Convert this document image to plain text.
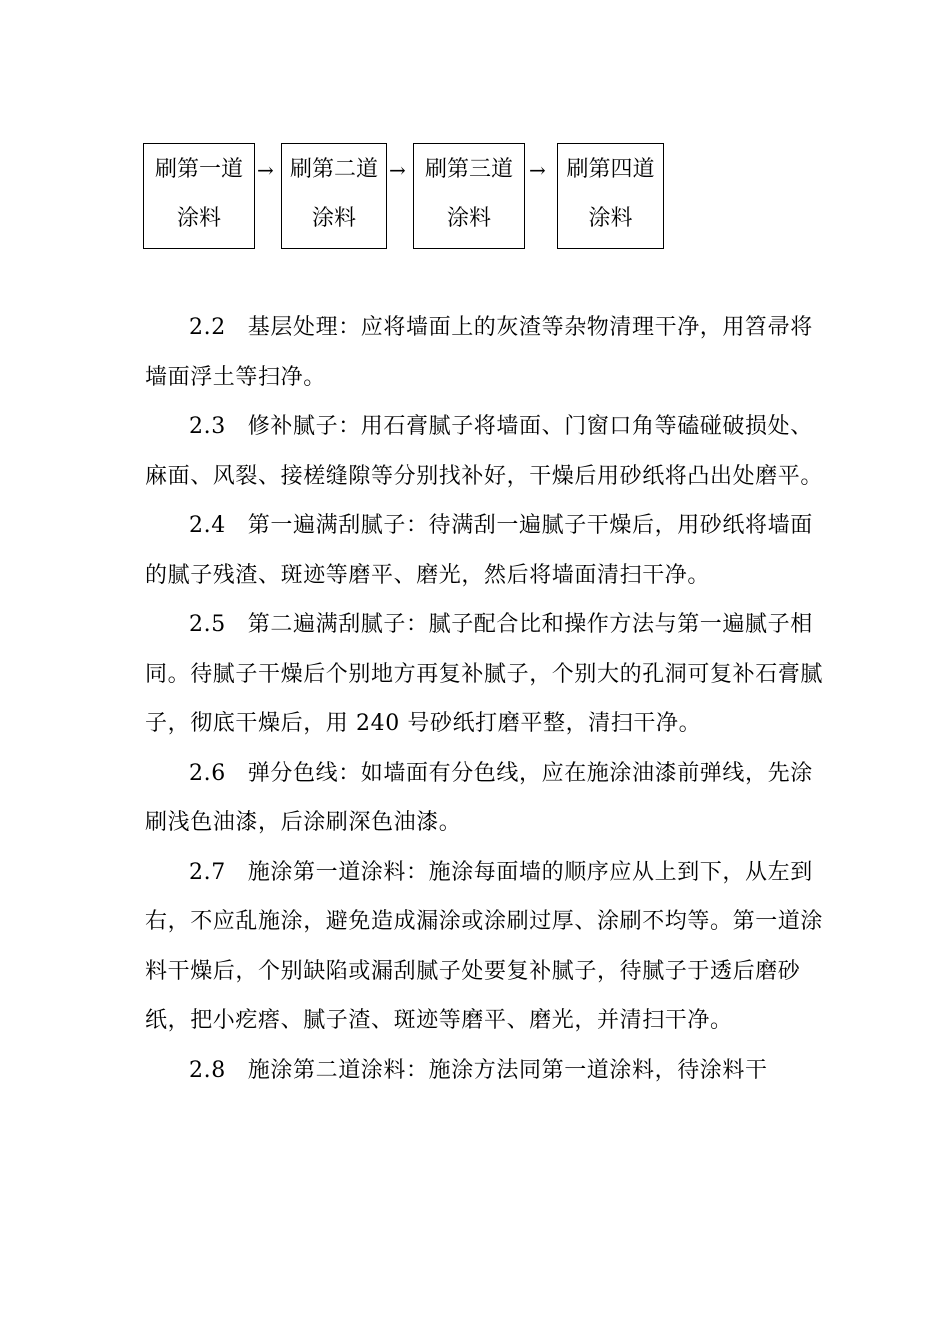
刷第一道
涂料
→ 刷第二道
涂料
→ 刷第三道
涂料
→ 刷第四道
涂料

2.2 基层处理：应将墙面上的灰渣等杂物清理干净，用笤帚将墙面浮土等扫净。

2.3 修补腻子：用石膏腻子将墙面、门窗口角等磕碰破损处、麻面、风裂、接槎缝隙等分别找补好，干燥后用砂纸将凸出处磨平。

2.4 第一遍满刮腻子：待满刮一遍腻子干燥后，用砂纸将墙面的腻子残渣、斑迹等磨平、磨光，然后将墙面清扫干净。

2.5 第二遍满刮腻子：腻子配合比和操作方法与第一遍腻子相同。待腻子干燥后个别地方再复补腻子，个别大的孔洞可复补石膏腻子，彻底干燥后，用 240 号砂纸打磨平整，清扫干净。

2.6 弹分色线：如墙面有分色线，应在施涂油漆前弹线，先涂刷浅色油漆，后涂刷深色油漆。

2.7 施涂第一道涂料：施涂每面墙的顺序应从上到下，从左到右，不应乱施涂，避免造成漏涂或涂刷过厚、涂刷不均等。第一道涂料干燥后，个别缺陷或漏刮腻子处要复补腻子，待腻子于透后磨砂纸，把小疙瘩、腻子渣、斑迹等磨平、磨光，并清扫干净。

2.8 施涂第二道涂料：施涂方法同第一道涂料，待涂料干
